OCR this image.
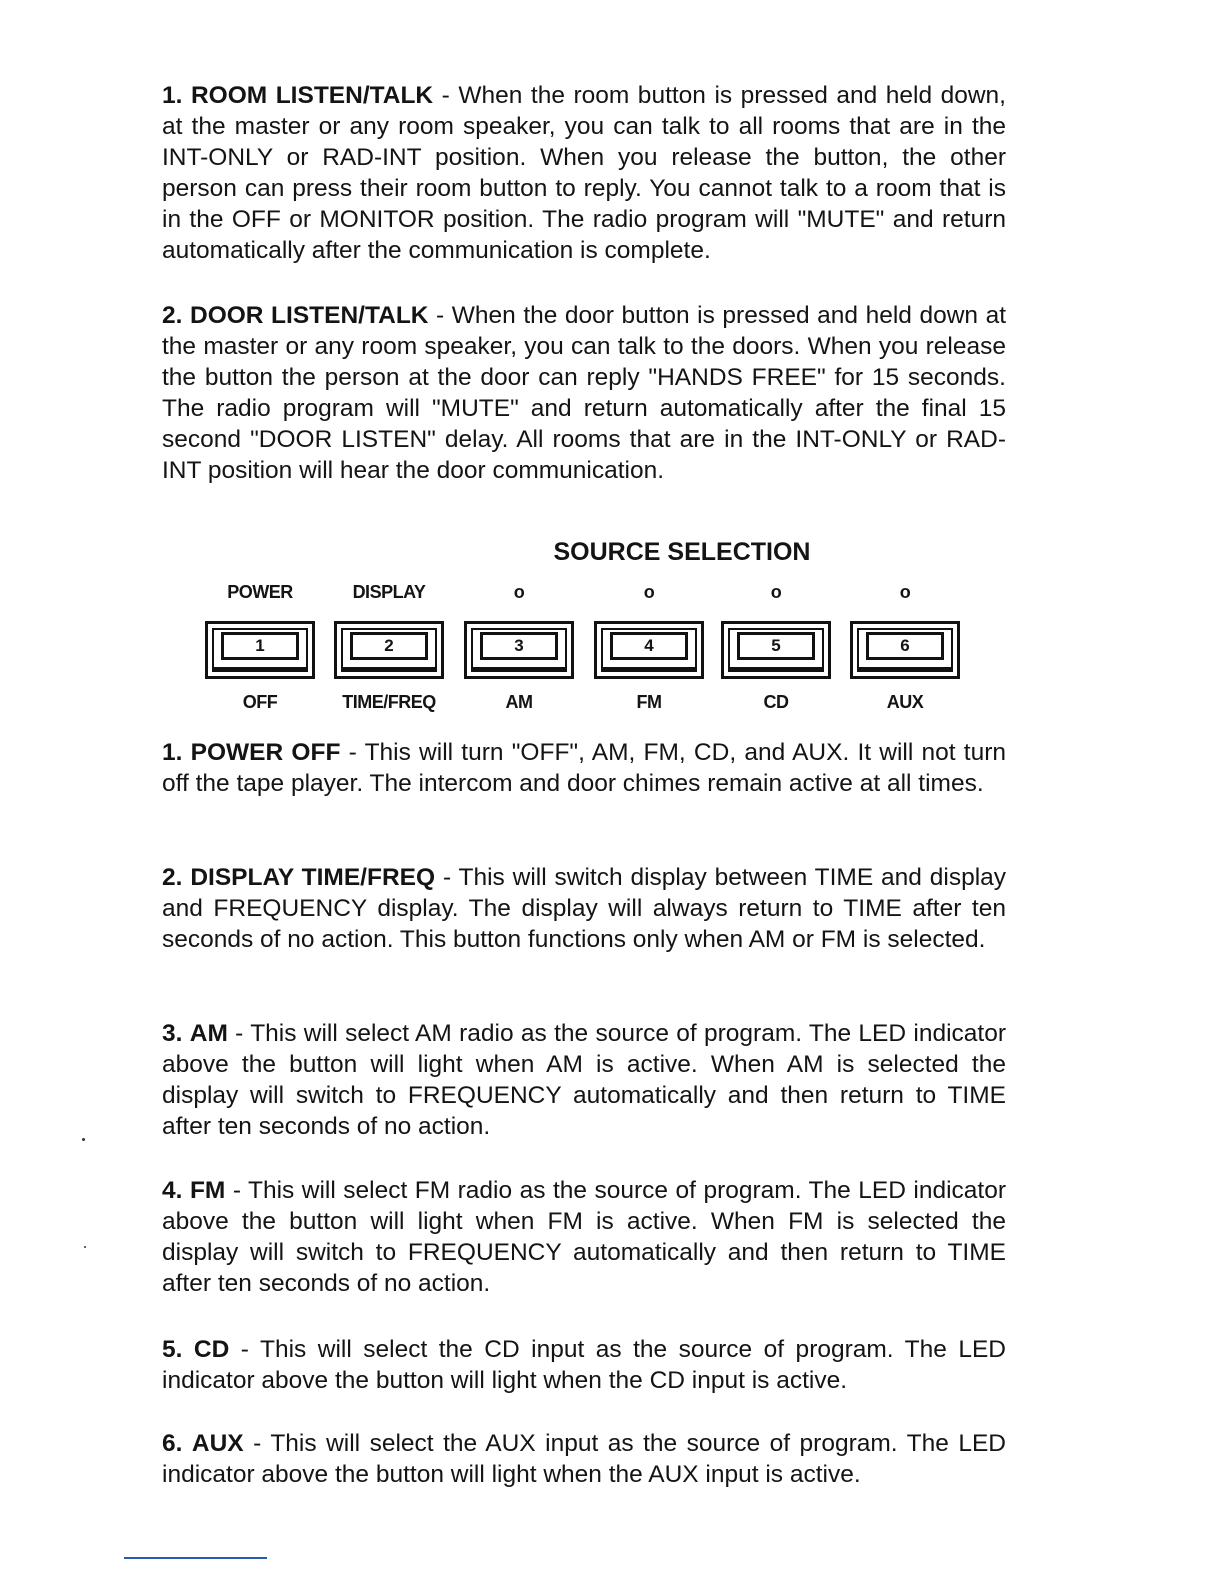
1. ROOM LISTEN/TALK - When the room button is pressed and held down, at the master or any room speaker, you can talk to all rooms that are in the INT-ONLY or RAD-INT position. When you release the button, the other person can press their room button to reply. You cannot talk to a room that is in the OFF or MONITOR position. The radio program will "MUTE" and return automatically after the communication is complete.

2. DOOR LISTEN/TALK - When the door button is pressed and held down at the master or any room speaker, you can talk to the doors. When you release the button the person at the door can reply "HANDS FREE" for 15 seconds. The radio program will "MUTE" and return automatically after the final 15 second "DOOR LISTEN" delay. All rooms that are in the INT-ONLY or RAD-INT position will hear the door communication.

SOURCE SELECTION
POWER
1
OFF
DISPLAY
2
TIME/FREQ
o
3
AM
o
4
FM
o
5
CD
o
6
AUX

1. POWER OFF - This will turn "OFF", AM, FM, CD, and AUX. It will not turn off the tape player. The intercom and door chimes remain active at all times.

2. DISPLAY TIME/FREQ - This will switch display between TIME and display and FREQUENCY display. The display will always return to TIME after ten seconds of no action. This button functions only when AM or FM is selected.

3. AM - This will select AM radio as the source of program. The LED indicator above the button will light when AM is active. When AM is selected the display will switch to FREQUENCY automatically and then return to TIME after ten seconds of no action.

4. FM - This will select FM radio as the source of program. The LED indicator above the button will light when FM is active. When FM is selected the display will switch to FREQUENCY automatically and then return to TIME after ten seconds of no action.

5. CD - This will select the CD input as the source of program. The LED indicator above the button will light when the CD input is active.

6. AUX - This will select the AUX input as the source of program. The LED indicator above the button will light when the AUX input is active.
